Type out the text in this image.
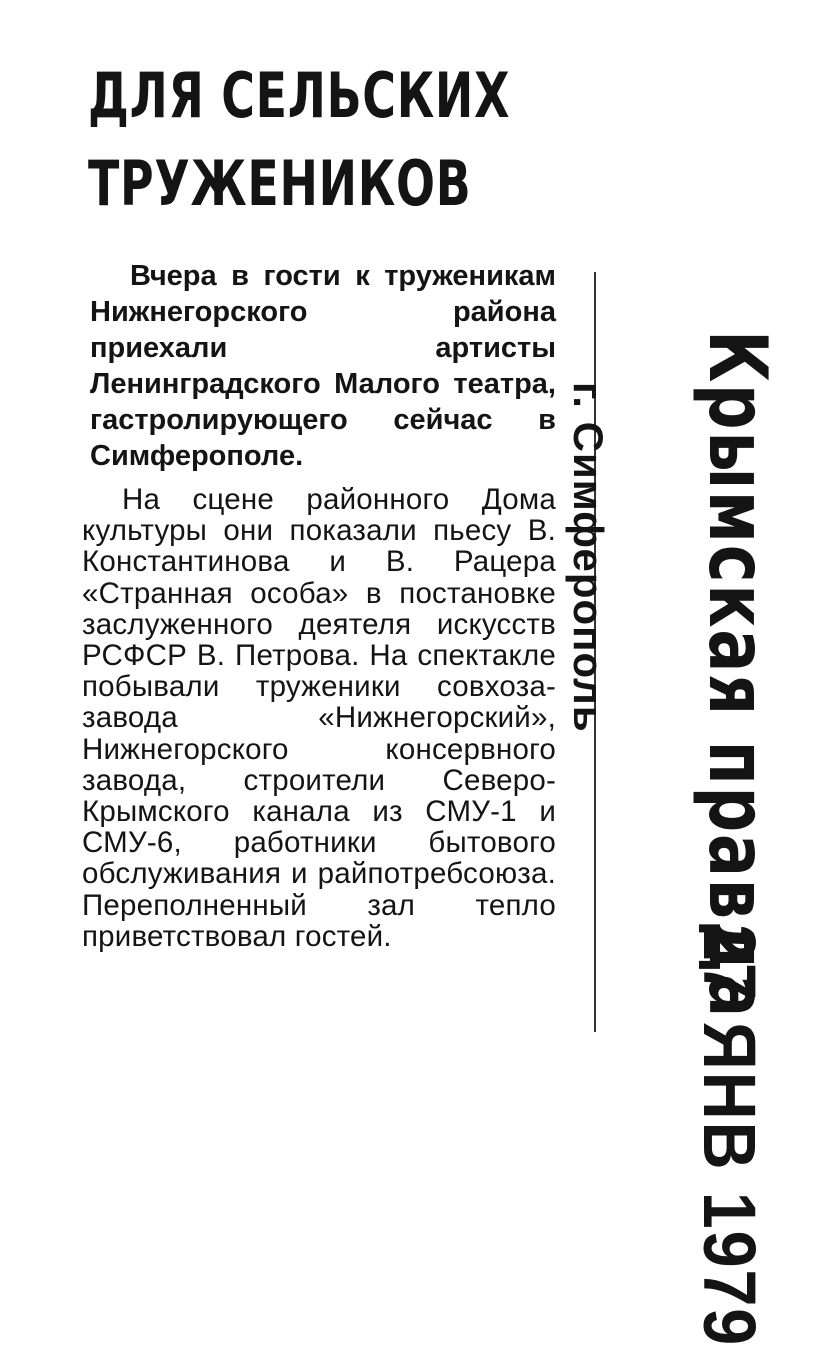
ДЛЯ СЕЛЬСКИХ
ТРУЖЕНИКОВ

Вчера в гости к труженикам Нижнегорского района приехали артисты Ленинградского Малого театра, гастролирующего сейчас в Симферополе.

На сцене районного Дома культуры они показали пьесу В. Константинова и В. Рацера «Странная особа» в постановке заслуженного деятеля искусств РСФСР В. Петрова. На спектакле побывали труженики совхоза-завода «Нижнегорский», Нижнегорского консервного завода, строители Северо-Крымского канала из СМУ-1 и СМУ-6, работники бытового обслуживания и райпотребсоюза. Переполненный зал тепло приветствовал гостей.

г. Симферополь Крымская правда
27 ЯНВ 1979
